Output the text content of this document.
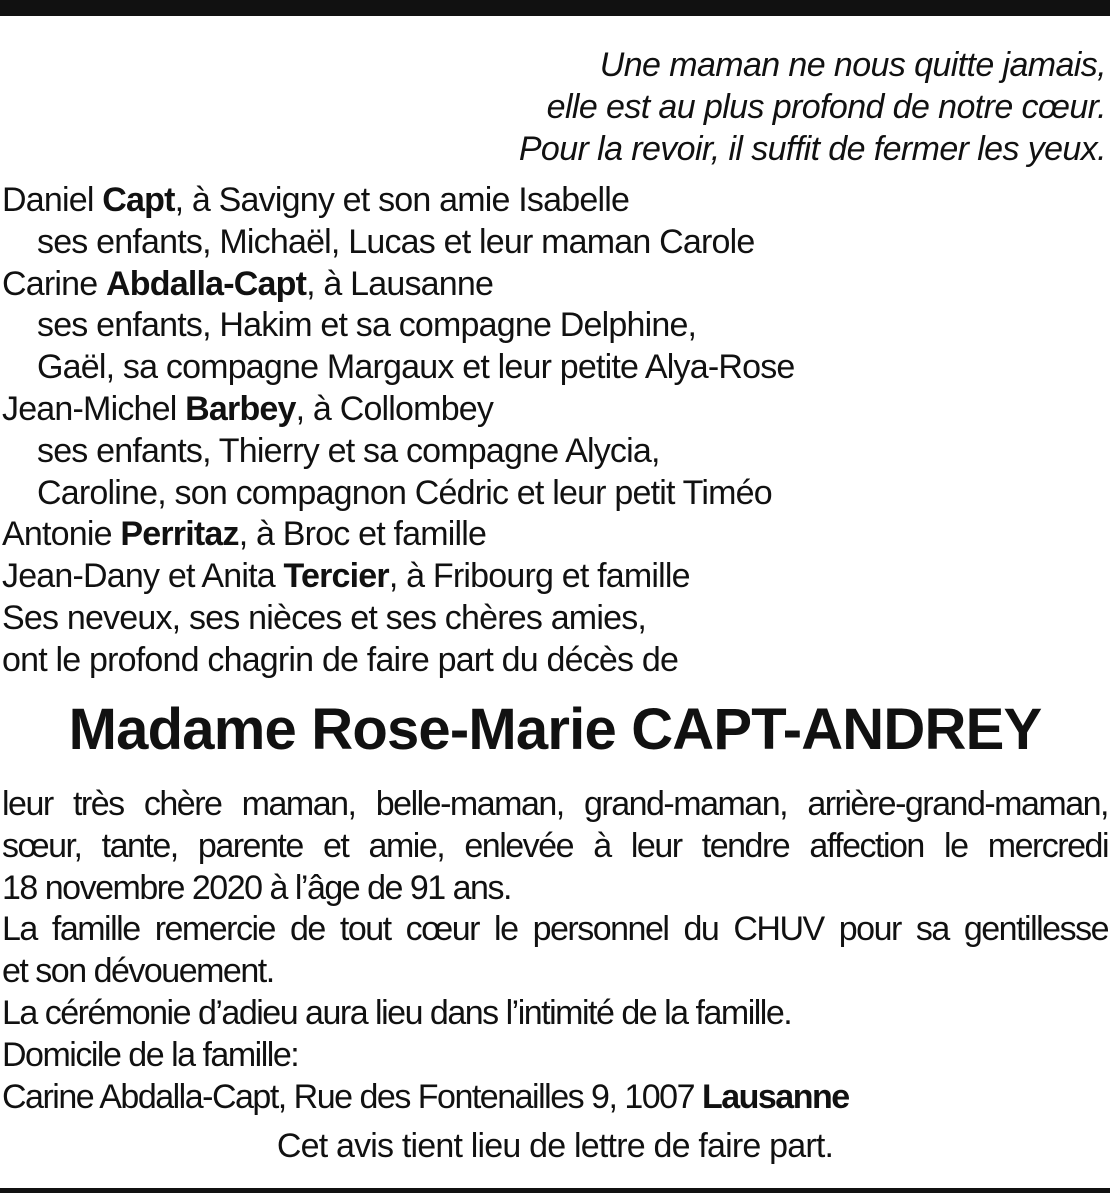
Une maman ne nous quitte jamais,
elle est au plus profond de notre cœur.
Pour la revoir, il suffit de fermer les yeux.
Daniel Capt, à Savigny et son amie Isabelle
ses enfants, Michaël, Lucas et leur maman Carole
Carine Abdalla-Capt, à Lausanne
ses enfants, Hakim et sa compagne Delphine,
Gaël, sa compagne Margaux et leur petite Alya-Rose
Jean-Michel Barbey, à Collombey
ses enfants, Thierry et sa compagne Alycia,
Caroline, son compagnon Cédric et leur petit Timéo
Antonie Perritaz, à Broc et famille
Jean-Dany et Anita Tercier, à Fribourg et famille
Ses neveux, ses nièces et ses chères amies,
ont le profond chagrin de faire part du décès de
Madame Rose-Marie CAPT-ANDREY
leur très chère maman, belle-maman, grand-maman, arrière-grand-maman,
sœur, tante, parente et amie, enlevée à leur tendre affection le mercredi
18 novembre 2020 à l’âge de 91 ans.
La famille remercie de tout cœur le personnel du CHUV pour sa gentillesse
et son dévouement.
La cérémonie d’adieu aura lieu dans l’intimité de la famille.
Domicile de la famille:
Carine Abdalla-Capt, Rue des Fontenailles 9, 1007 Lausanne
Cet avis tient lieu de lettre de faire part.
